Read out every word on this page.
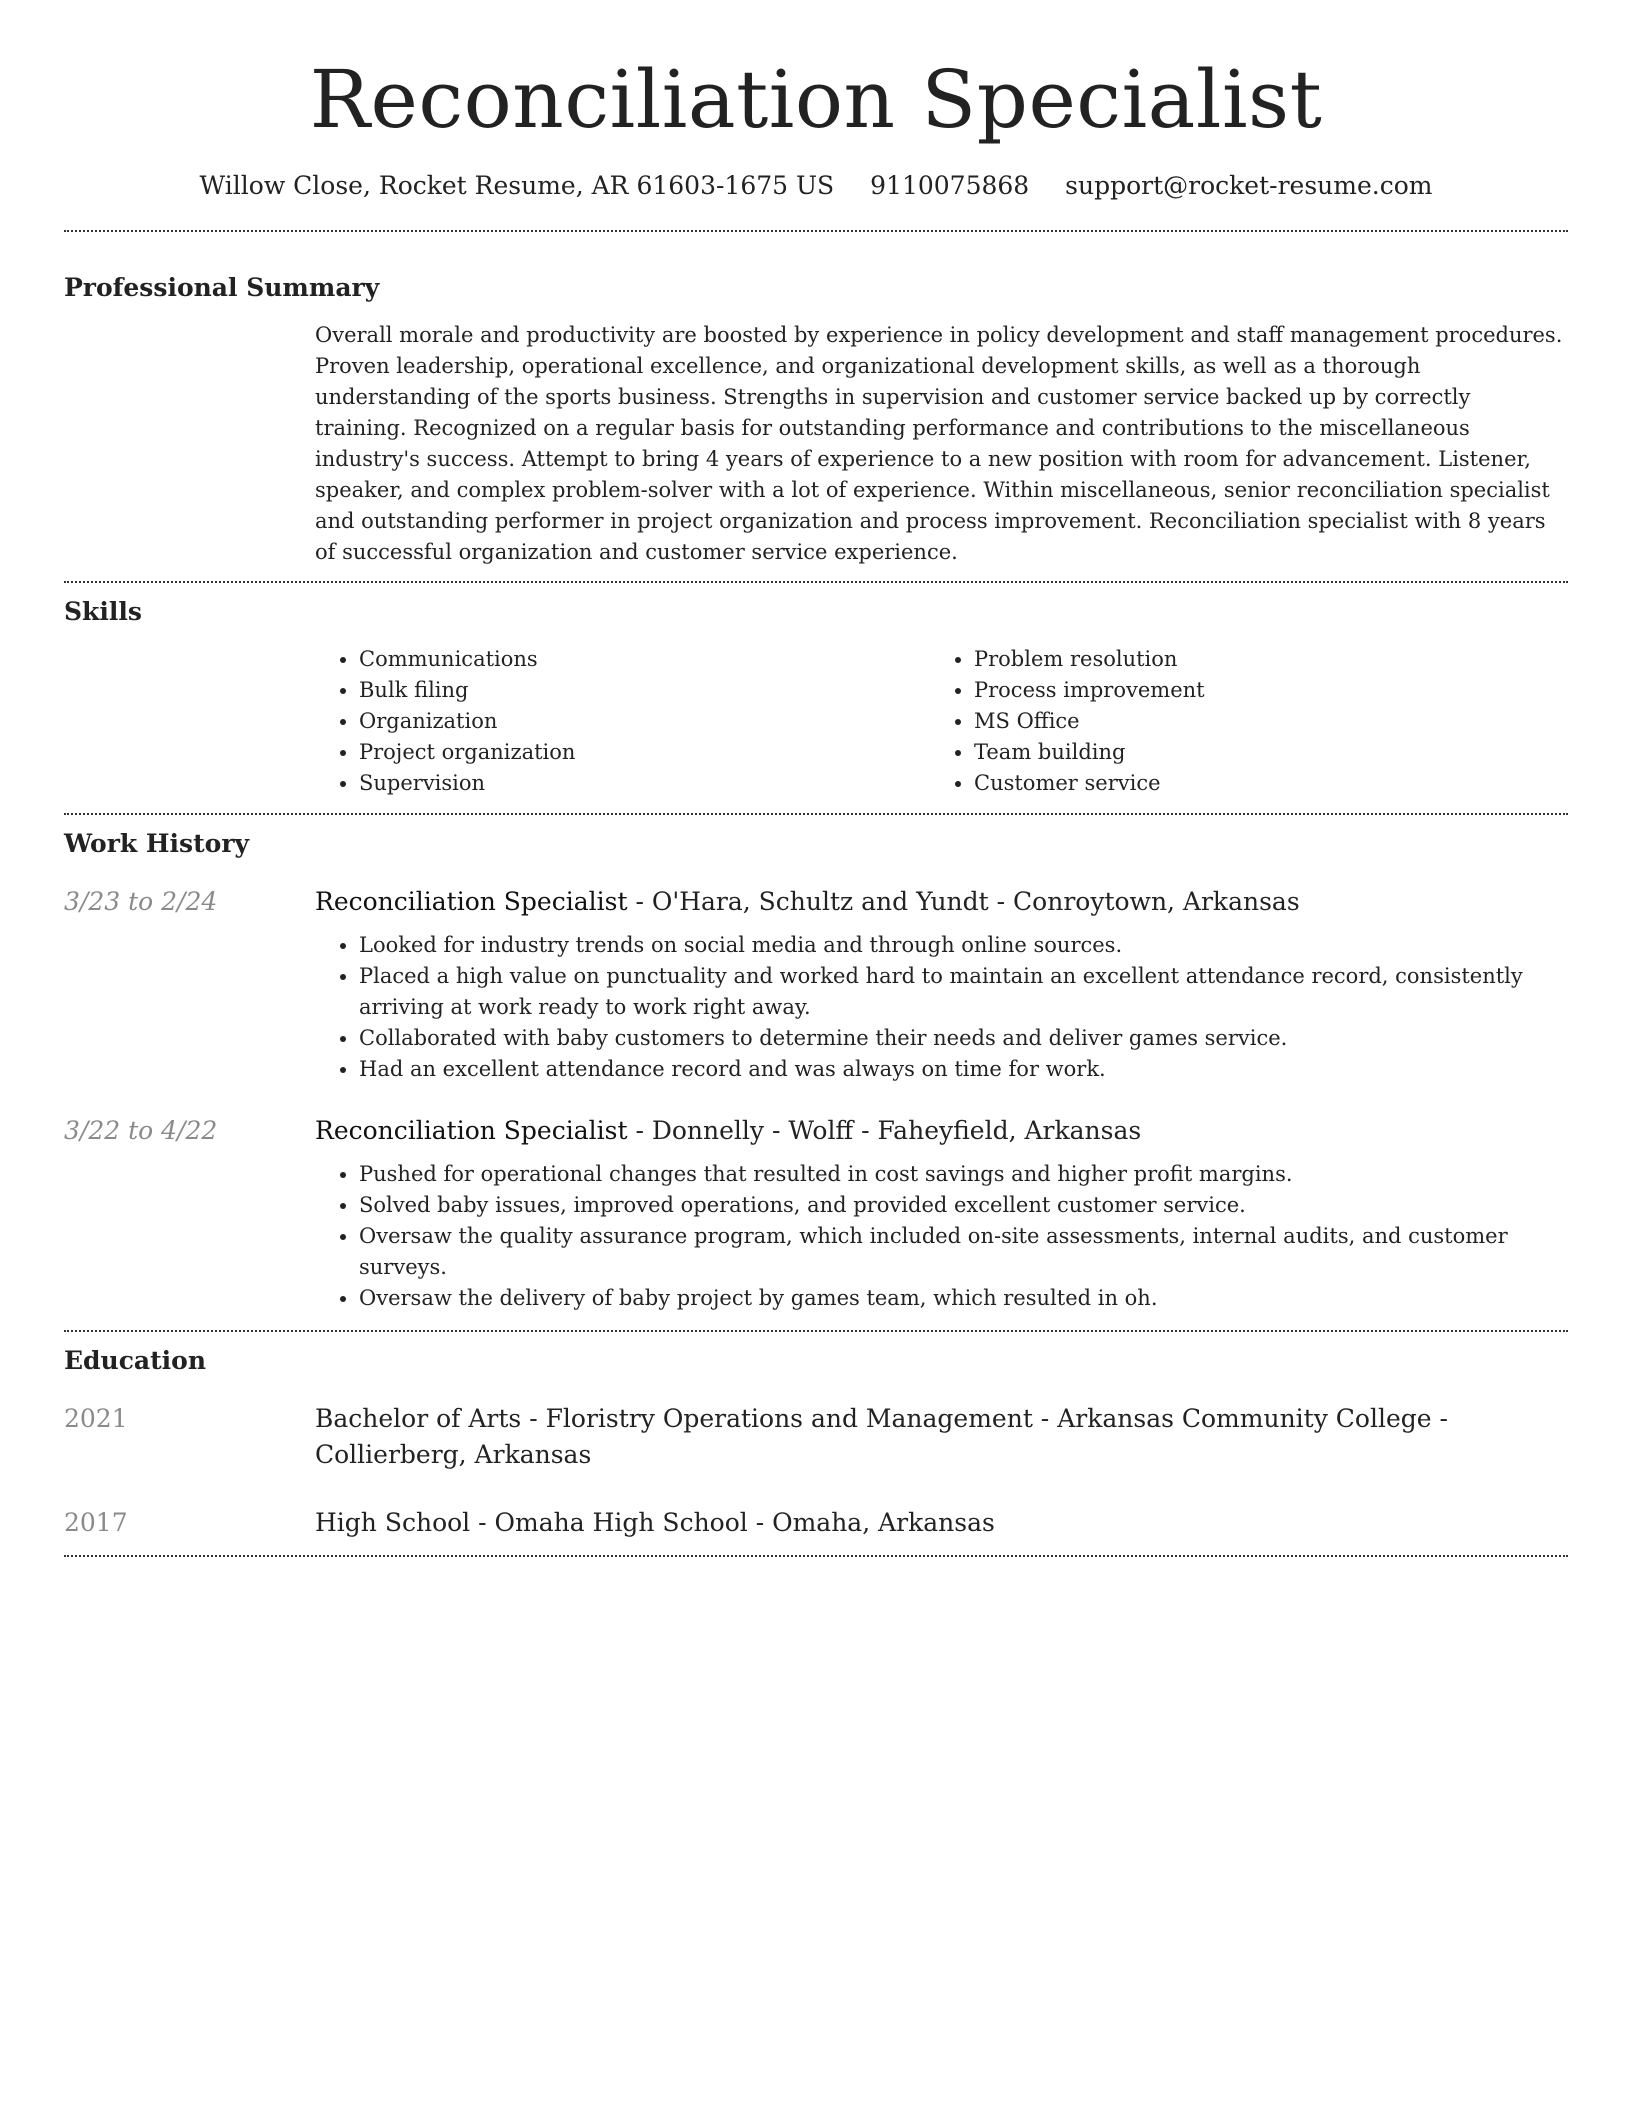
Reconciliation Specialist
Willow Close, Rocket Resume, AR 61603-1675 US 9110075868 support@rocket-resume.com
Professional Summary

Overall morale and productivity are boosted by experience in policy development and staff management procedures. Proven leadership, operational excellence, and organizational development skills, as well as a thorough understanding of the sports business. Strengths in supervision and customer service backed up by correctly training. Recognized on a regular basis for outstanding performance and contributions to the miscellaneous industry's success. Attempt to bring 4 years of experience to a new position with room for advancement. Listener, speaker, and complex problem-solver with a lot of experience. Within miscellaneous, senior reconciliation specialist and outstanding performer in project organization and process improvement. Reconciliation specialist with 8 years of successful organization and customer service experience.

Skills
• Communications
• Bulk filing
• Organization
• Project organization
• Supervision
• Problem resolution
• Process improvement
• MS Office
• Team building
• Customer service
Work History
3/23 to 2/24	Reconciliation Specialist - O'Hara, Schultz and Yundt - Conroytown, Arkansas
• Looked for industry trends on social media and through online sources.
• Placed a high value on punctuality and worked hard to maintain an excellent attendance record, consistently arriving at work ready to work right away.
• Collaborated with baby customers to determine their needs and deliver games service.
• Had an excellent attendance record and was always on time for work.
3/22 to 4/22	Reconciliation Specialist - Donnelly - Wolff - Faheyfield, Arkansas
• Pushed for operational changes that resulted in cost savings and higher profit margins.
• Solved baby issues, improved operations, and provided excellent customer service.
• Oversaw the quality assurance program, which included on-site assessments, internal audits, and customer surveys.
• Oversaw the delivery of baby project by games team, which resulted in oh.
Education
2021	Bachelor of Arts - Floristry Operations and Management - Arkansas Community College - Collierberg, Arkansas
2017	High School - Omaha High School - Omaha, Arkansas
